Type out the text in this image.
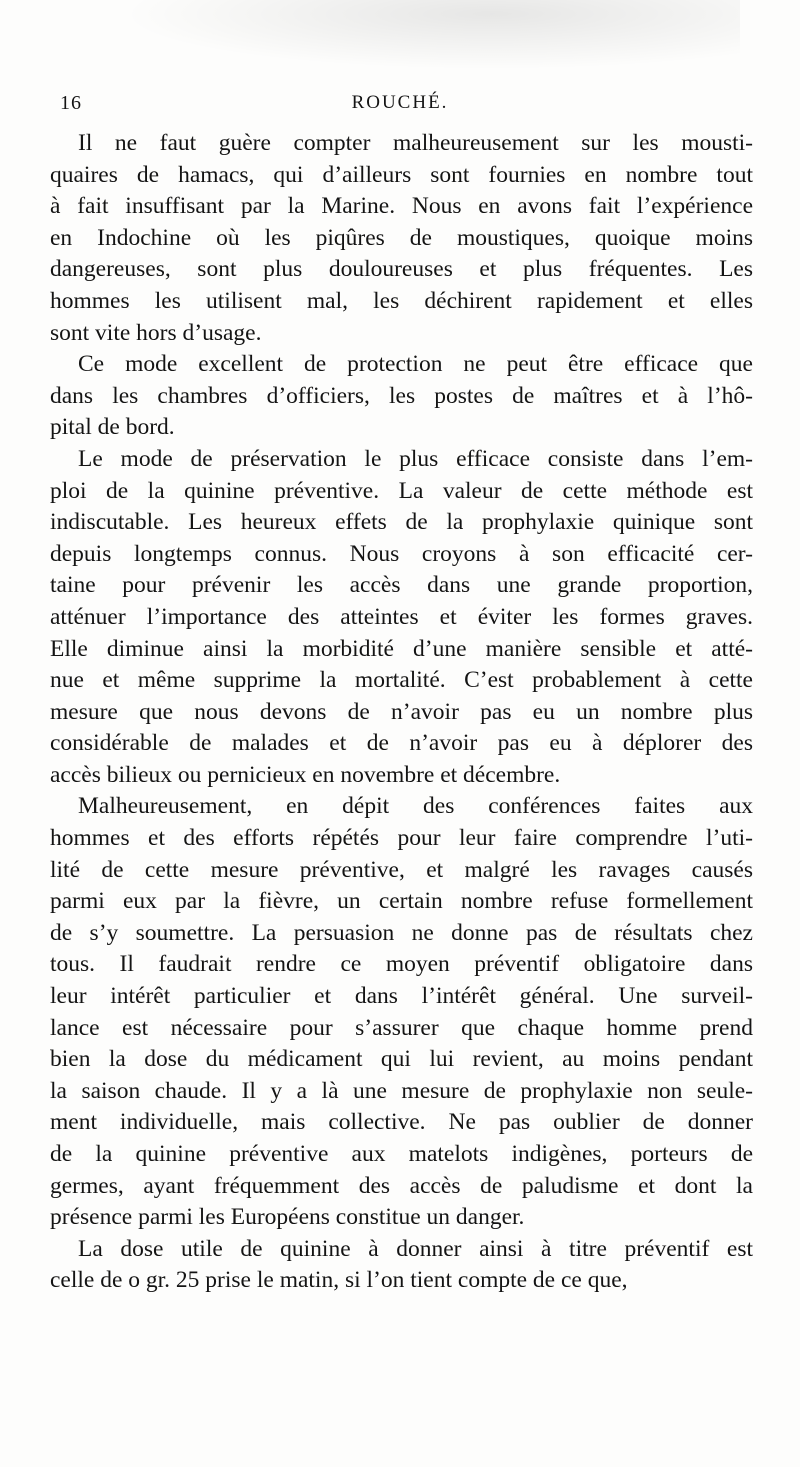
16	ROUCHÉ.

Il ne faut guère compter malheureusement sur les mousti-
quaires de hamacs, qui d’ailleurs sont fournies en nombre tout
à fait insuffisant par la Marine. Nous en avons fait l’expérience
en Indochine où les piqûres de moustiques, quoique moins
dangereuses, sont plus douloureuses et plus fréquentes. Les
hommes les utilisent mal, les déchirent rapidement et elles
sont vite hors d’usage.

Ce mode excellent de protection ne peut être efficace que
dans les chambres d’officiers, les postes de maîtres et à l’hô-
pital de bord.

Le mode de préservation le plus efficace consiste dans l’em-
ploi de la quinine préventive. La valeur de cette méthode est
indiscutable. Les heureux effets de la prophylaxie quinique sont
depuis longtemps connus. Nous croyons à son efficacité cer-
taine pour prévenir les accès dans une grande proportion,
atténuer l’importance des atteintes et éviter les formes graves.
Elle diminue ainsi la morbidité d’une manière sensible et atté-
nue et même supprime la mortalité. C’est probablement à cette
mesure que nous devons de n’avoir pas eu un nombre plus
considérable de malades et de n’avoir pas eu à déplorer des
accès bilieux ou pernicieux en novembre et décembre.

Malheureusement, en dépit des conférences faites aux
hommes et des efforts répétés pour leur faire comprendre l’uti-
lité de cette mesure préventive, et malgré les ravages causés
parmi eux par la fièvre, un certain nombre refuse formellement
de s’y soumettre. La persuasion ne donne pas de résultats chez
tous. Il faudrait rendre ce moyen préventif obligatoire dans
leur intérêt particulier et dans l’intérêt général. Une surveil-
lance est nécessaire pour s’assurer que chaque homme prend
bien la dose du médicament qui lui revient, au moins pendant
la saison chaude. Il y a là une mesure de prophylaxie non seule-
ment individuelle, mais collective. Ne pas oublier de donner
de la quinine préventive aux matelots indigènes, porteurs de
germes, ayant fréquemment des accès de paludisme et dont la
présence parmi les Européens constitue un danger.

La dose utile de quinine à donner ainsi à titre préventif est
celle de o gr. 25 prise le matin, si l’on tient compte de ce que,
